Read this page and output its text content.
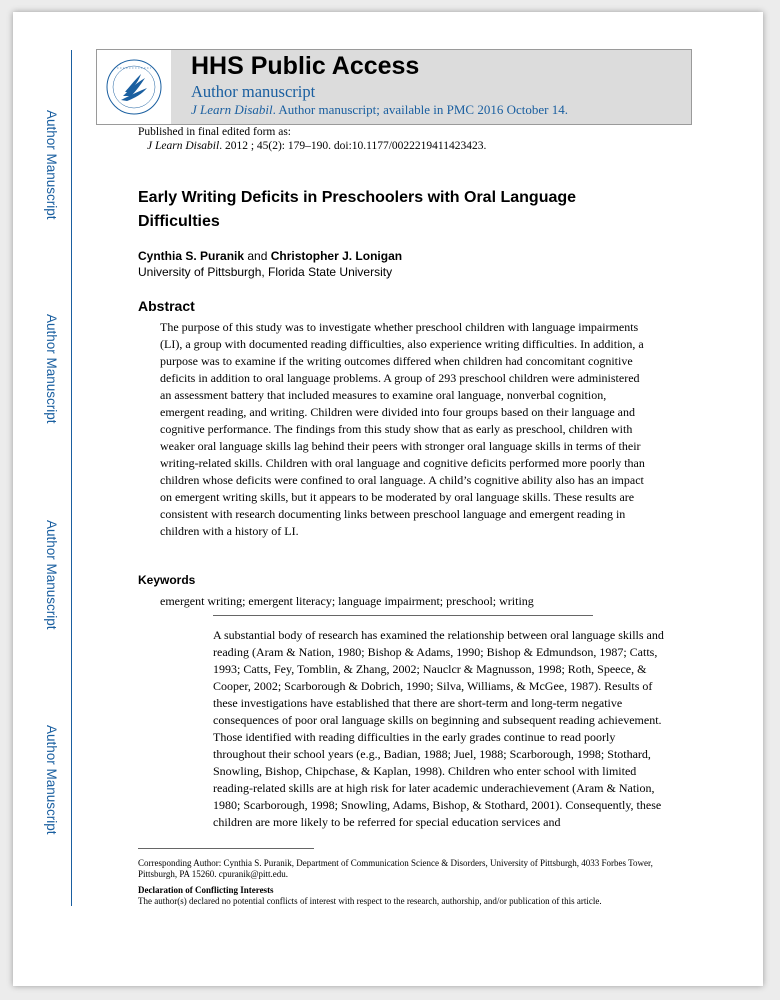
Author Manuscript
Author Manuscript
Author Manuscript
Author Manuscript
HHS Public Access
Author manuscript
J Learn Disabil. Author manuscript; available in PMC 2016 October 14.
Published in final edited form as:
J Learn Disabil. 2012 ; 45(2): 179–190. doi:10.1177/0022219411423423.
Early Writing Deficits in Preschoolers with Oral Language Difficulties
Cynthia S. Puranik and Christopher J. Lonigan
University of Pittsburgh, Florida State University
Abstract

The purpose of this study was to investigate whether preschool children with language impairments (LI), a group with documented reading difficulties, also experience writing difficulties. In addition, a purpose was to examine if the writing outcomes differed when children had concomitant cognitive deficits in addition to oral language problems. A group of 293 preschool children were administered an assessment battery that included measures to examine oral language, nonverbal cognition, emergent reading, and writing. Children were divided into four groups based on their language and cognitive performance. The findings from this study show that as early as preschool, children with weaker oral language skills lag behind their peers with stronger oral language skills in terms of their writing-related skills. Children with oral language and cognitive deficits performed more poorly than children whose deficits were confined to oral language. A child’s cognitive ability also has an impact on emergent writing skills, but it appears to be moderated by oral language skills. These results are consistent with research documenting links between preschool language and emergent reading in children with a history of LI.

Keywords
emergent writing; emergent literacy; language impairment; preschool; writing

A substantial body of research has examined the relationship between oral language skills and reading (Aram & Nation, 1980; Bishop & Adams, 1990; Bishop & Edmundson, 1987; Catts, 1993; Catts, Fey, Tomblin, & Zhang, 2002; Nauclcr & Magnusson, 1998; Roth, Speece, & Cooper, 2002; Scarborough & Dobrich, 1990; Silva, Williams, & McGee, 1987). Results of these investigations have established that there are short-term and long-term negative consequences of poor oral language skills on beginning and subsequent reading achievement. Those identified with reading difficulties in the early grades continue to read poorly throughout their school years (e.g., Badian, 1988; Juel, 1988; Scarborough, 1998; Stothard, Snowling, Bishop, Chipchase, & Kaplan, 1998). Children who enter school with limited reading-related skills are at high risk for later academic underachievement (Aram & Nation, 1980; Scarborough, 1998; Snowling, Adams, Bishop, & Stothard, 2001). Consequently, these children are more likely to be referred for special education services and

Corresponding Author: Cynthia S. Puranik, Department of Communication Science & Disorders, University of Pittsburgh, 4033 Forbes Tower, Pittsburgh, PA 15260. cpuranik@pitt.edu.
Declaration of Conflicting Interests
The author(s) declared no potential conflicts of interest with respect to the research, authorship, and/or publication of this article.
